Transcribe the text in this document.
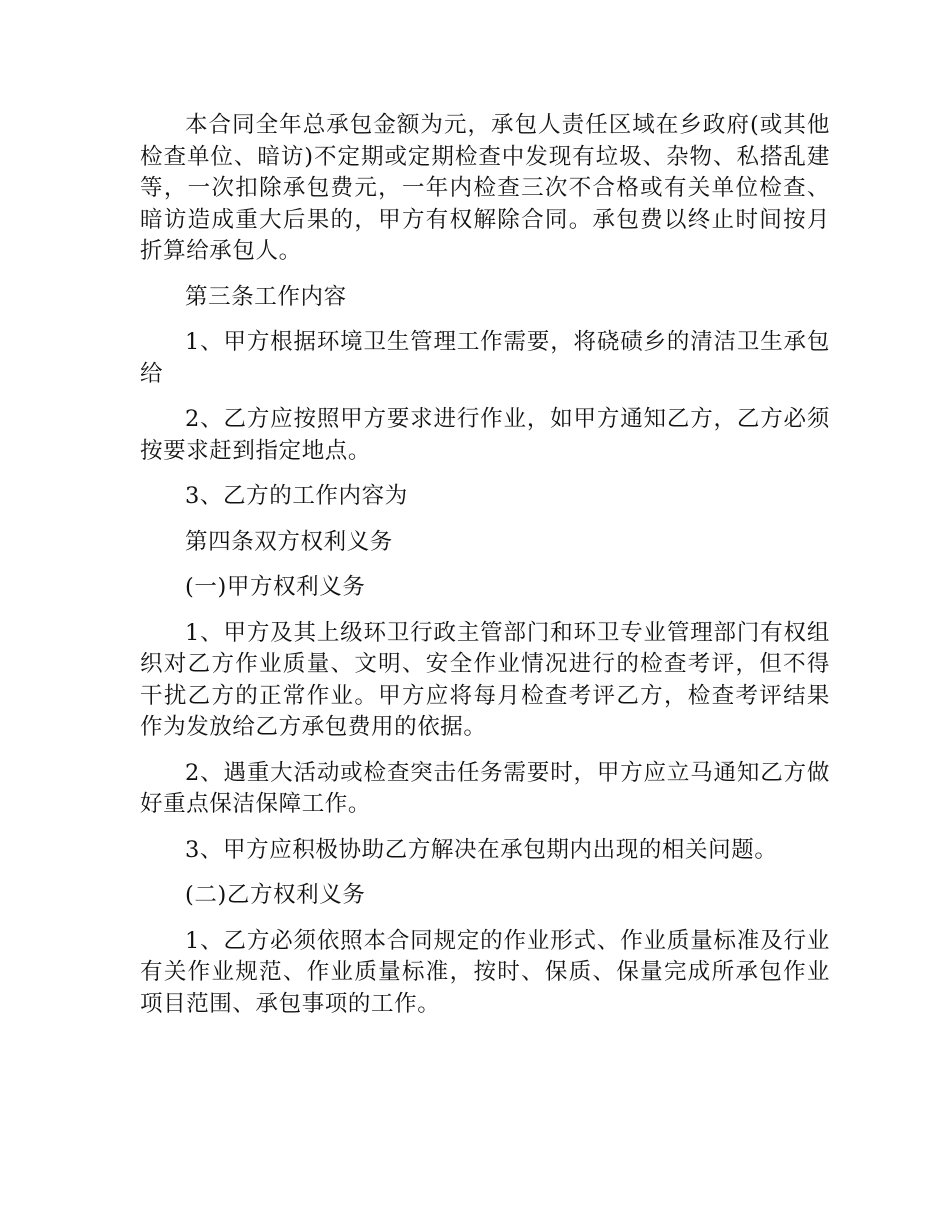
本合同全年总承包金额为元，承包人责任区域在乡政府(或其他检查单位、暗访)不定期或定期检查中发现有垃圾、杂物、私搭乱建等，一次扣除承包费元，一年内检查三次不合格或有关单位检查、暗访造成重大后果的，甲方有权解除合同。承包费以终止时间按月折算给承包人。

第三条工作内容

1、甲方根据环境卫生管理工作需要，将硗碛乡的清洁卫生承包给

2、乙方应按照甲方要求进行作业，如甲方通知乙方，乙方必须按要求赶到指定地点。

3、乙方的工作内容为

第四条双方权利义务

(一)甲方权利义务

1、甲方及其上级环卫行政主管部门和环卫专业管理部门有权组织对乙方作业质量、文明、安全作业情况进行的检查考评，但不得干扰乙方的正常作业。甲方应将每月检查考评乙方，检查考评结果作为发放给乙方承包费用的依据。

2、遇重大活动或检查突击任务需要时，甲方应立马通知乙方做好重点保洁保障工作。

3、甲方应积极协助乙方解决在承包期内出现的相关问题。

(二)乙方权利义务

1、乙方必须依照本合同规定的作业形式、作业质量标准及行业有关作业规范、作业质量标准，按时、保质、保量完成所承包作业项目范围、承包事项的工作。
